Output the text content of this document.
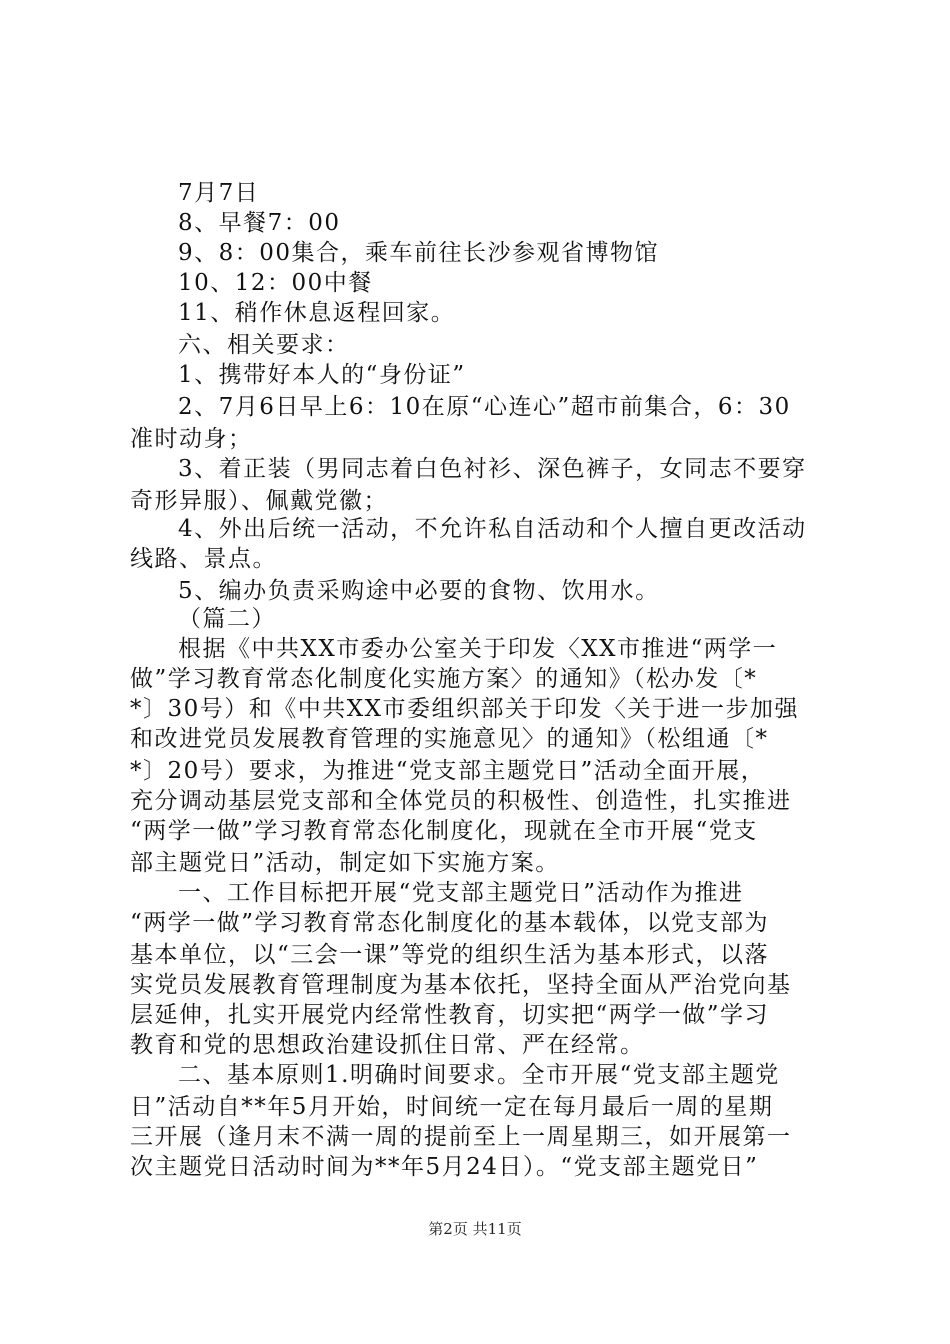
7月7日
8、早餐7：00
9、8：00集合，乘车前往长沙参观省博物馆
10、12：00中餐
11、稍作休息返程回家。
六、相关要求：
1、携带好本人的“身份证”
2、7月6日早上6：10在原“心连心”超市前集合，6：30
准时动身；
3、着正装（男同志着白色衬衫、深色裤子，女同志不要穿
奇形异服）、佩戴党徽；
4、外出后统一活动，不允许私自活动和个人擅自更改活动
线路、景点。
5、编办负责采购途中必要的食物、饮用水。
（篇二）
根据《中共XX市委办公室关于印发〈XX市推进“两学一
做”学习教育常态化制度化实施方案〉的通知》（松办发〔*
*〕30号）和《中共XX市委组织部关于印发〈关于进一步加强
和改进党员发展教育管理的实施意见〉的通知》（松组通〔*
*〕20号）要求，为推进“党支部主题党日”活动全面开展，
充分调动基层党支部和全体党员的积极性、创造性，扎实推进
“两学一做”学习教育常态化制度化，现就在全市开展“党支
部主题党日”活动，制定如下实施方案。
一、工作目标把开展“党支部主题党日”活动作为推进
“两学一做”学习教育常态化制度化的基本载体，以党支部为
基本单位，以“三会一课”等党的组织生活为基本形式，以落
实党员发展教育管理制度为基本依托，坚持全面从严治党向基
层延伸，扎实开展党内经常性教育，切实把“两学一做”学习
教育和党的思想政治建设抓住日常、严在经常。
二、基本原则1.明确时间要求。全市开展“党支部主题党
日”活动自**年5月开始，时间统一定在每月最后一周的星期
三开展（逢月末不满一周的提前至上一周星期三，如开展第一
次主题党日活动时间为**年5月24日）。“党支部主题党日”
第2页 共11页
